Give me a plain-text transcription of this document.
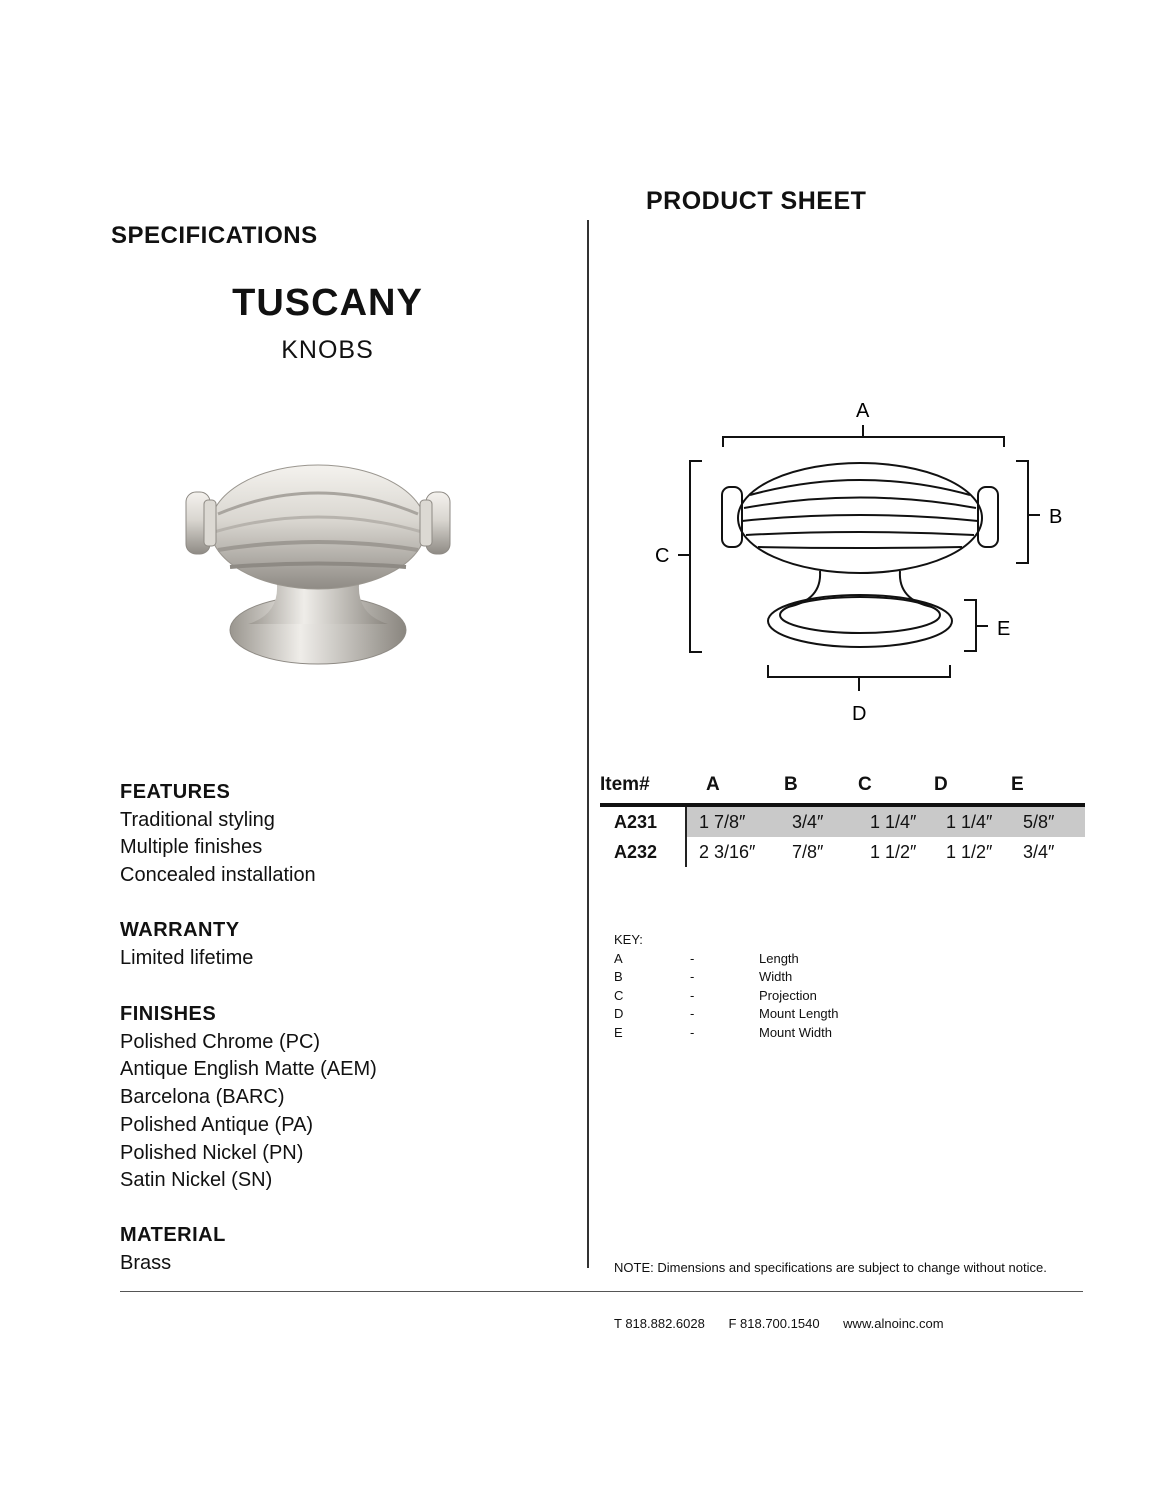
SPECIFICATIONS
PRODUCT SHEET
TUSCANY
KNOBS
A
B
C
D
E
FEATURES
Traditional styling
Multiple finishes
Concealed installation
WARRANTY
Limited lifetime
FINISHES
Polished Chrome (PC)
Antique English Matte (AEM)
Barcelona (BARC)
Polished Antique (PA)
Polished Nickel (PN)
Satin Nickel (SN)
MATERIAL
Brass
Item#	A	B	C	D	E
A231	1 7/8″	3/4″	1 1/4″	1 1/4″	5/8″
A232	2 3/16″	7/8″	1 1/2″	1 1/2″	3/4″
KEY:
A	-	Length
B	-	Width
C	-	Projection
D	-	Mount Length
E	-	Mount Width
NOTE: Dimensions and specifications are subject to change without notice.
T 818.882.6028 F 818.700.1540 www.alnoinc.com
